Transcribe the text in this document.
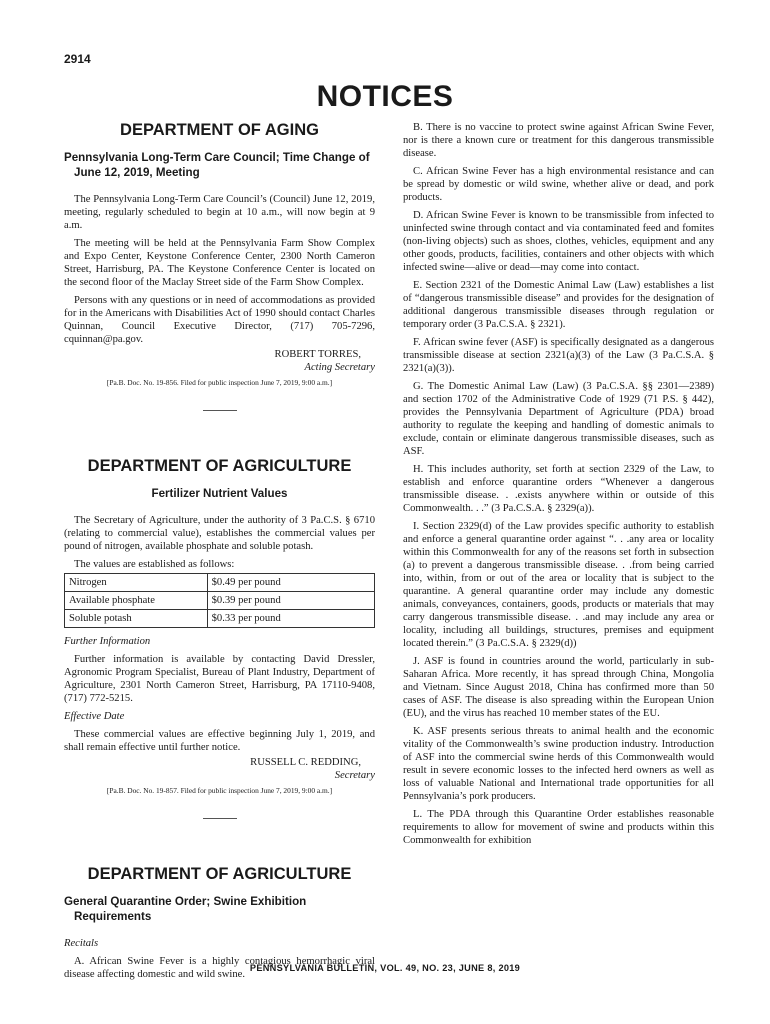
2914
NOTICES
DEPARTMENT OF AGING
Pennsylvania Long-Term Care Council; Time Change of June 12, 2019, Meeting

The Pennsylvania Long-Term Care Council’s (Council) June 12, 2019, meeting, regularly scheduled to begin at 10 a.m., will now begin at 9 a.m.

The meeting will be held at the Pennsylvania Farm Show Complex and Expo Center, Keystone Conference Center, 2300 North Cameron Street, Harrisburg, PA. The Keystone Conference Center is located on the second floor of the Maclay Street side of the Farm Show Complex.

Persons with any questions or in need of accommodations as provided for in the Americans with Disabilities Act of 1990 should contact Charles Quinnan, Council Executive Director, (717) 705-7296, cquinnan@pa.gov.

ROBERT TORRES,
Acting Secretary
[Pa.B. Doc. No. 19-856. Filed for public inspection June 7, 2019, 9:00 a.m.]
DEPARTMENT OF AGRICULTURE
Fertilizer Nutrient Values

The Secretary of Agriculture, under the authority of 3 Pa.C.S. § 6710 (relating to commercial value), establishes the commercial values per pound of nitrogen, available phosphate and soluble potash.

The values are established as follows:

Nitrogen	$0.49 per pound
Available phosphate	$0.39 per pound
Soluble potash	$0.33 per pound
Further Information

Further information is available by contacting David Dressler, Agronomic Program Specialist, Bureau of Plant Industry, Department of Agriculture, 2301 North Cameron Street, Harrisburg, PA 17110-9408, (717) 772-5215.

Effective Date

These commercial values are effective beginning July 1, 2019, and shall remain effective until further notice.

RUSSELL C. REDDING,
Secretary
[Pa.B. Doc. No. 19-857. Filed for public inspection June 7, 2019, 9:00 a.m.]
DEPARTMENT OF AGRICULTURE
General Quarantine Order; Swine Exhibition Requirements
Recitals

A. African Swine Fever is a highly contagious hemorrhagic viral disease affecting domestic and wild swine.

B. There is no vaccine to protect swine against African Swine Fever, nor is there a known cure or treatment for this dangerous transmissible disease.

C. African Swine Fever has a high environmental resistance and can be spread by domestic or wild swine, whether alive or dead, and pork products.

D. African Swine Fever is known to be transmissible from infected to uninfected swine through contact and via contaminated feed and fomites (non-living objects) such as shoes, clothes, vehicles, equipment and any other goods, products, facilities, containers and other objects with which infected swine—alive or dead—may come into contact.

E. Section 2321 of the Domestic Animal Law (Law) establishes a list of “dangerous transmissible disease” and provides for the designation of additional dangerous transmissible diseases through regulation or temporary order (3 Pa.C.S.A. § 2321).

F. African swine fever (ASF) is specifically designated as a dangerous transmissible disease at section 2321(a)(3) of the Law (3 Pa.C.S.A. § 2321(a)(3)).

G. The Domestic Animal Law (Law) (3 Pa.C.S.A. §§ 2301—2389) and section 1702 of the Administrative Code of 1929 (71 P.S. § 442), provides the Pennsylvania Department of Agriculture (PDA) broad authority to regulate the keeping and handling of domestic animals to exclude, contain or eliminate dangerous transmissible diseases, such as ASF.

H. This includes authority, set forth at section 2329 of the Law, to establish and enforce quarantine orders “Whenever a dangerous transmissible disease. . .exists anywhere within or outside of this Commonwealth. . .” (3 Pa.C.S.A. § 2329(a)).

I. Section 2329(d) of the Law provides specific authority to establish and enforce a general quarantine order against “. . .any area or locality within this Commonwealth for any of the reasons set forth in subsection (a) to prevent a dangerous transmissible disease. . .from being carried into, within, from or out of the area or locality that is subject to the quarantine. A general quarantine order may include any domestic animals, conveyances, containers, goods, products or materials that may carry dangerous transmissible disease. . .and may include any area or locality, including all buildings, structures, premises and equipment located therein.” (3 Pa.C.S.A. § 2329(d))

J. ASF is found in countries around the world, particularly in sub-Saharan Africa. More recently, it has spread through China, Mongolia and Vietnam. Since August 2018, China has confirmed more than 50 cases of ASF. The disease is also spreading within the European Union (EU), and the virus has reached 10 member states of the EU.

K. ASF presents serious threats to animal health and the economic vitality of the Commonwealth’s swine production industry. Introduction of ASF into the commercial swine herds of this Commonwealth would result in severe economic losses to the infected herd owners as well as loss of valuable National and International trade opportunities for all Pennsylvania’s pork producers.

L. The PDA through this Quarantine Order establishes reasonable requirements to allow for movement of swine and products within this Commonwealth for exhibition

PENNSYLVANIA BULLETIN, VOL. 49, NO. 23, JUNE 8, 2019
